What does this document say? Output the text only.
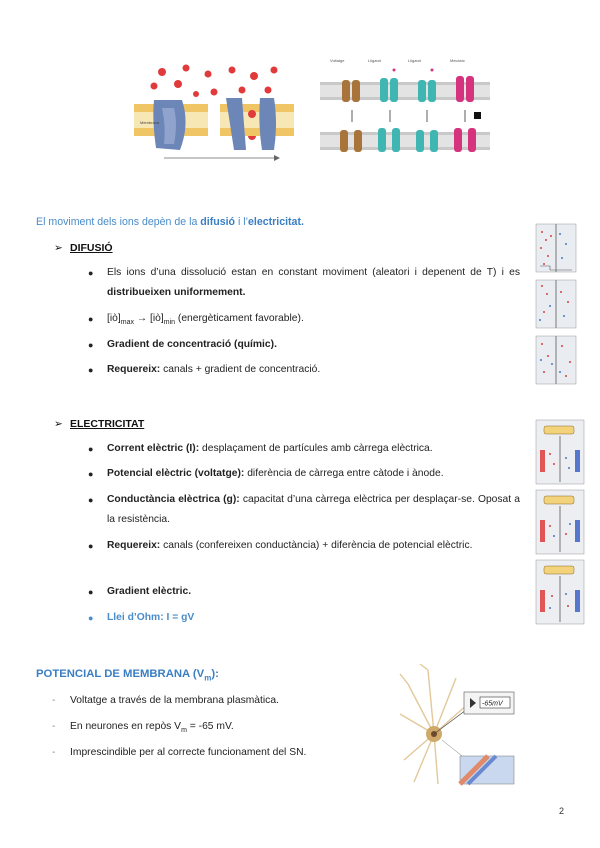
Membrana
Voltatge	Lligand	Lligand	Mecànic

El moviment dels ions depèn de la difusió i l’electricitat.

➢ DIFUSIÓ
● Els ions d’una dissolució estan en constant moviment (aleatori i depenent de T) i es distribueixen uniformement.
● $[iò]_{max}$ → $[iò]_{min}$ (energèticament favorable).
● Gradient de concentració (químic).
● Requereix: canals + gradient de concentració.
➢ ELECTRICITAT
● Corrent elèctric (I): desplaçament de partícules amb càrrega elèctrica.
● Potencial elèctric (voltatge): diferència de càrrega entre càtode i ànode.
● Conductància elèctrica (g): capacitat d’una càrrega elèctrica per desplaçar-se. Oposat a la resistència.
● Requereix: canals (confereixen conductància) + diferència de potencial elèctric.
● Gradient elèctric.
● Llei d’Ohm: I = gV
POTENCIAL DE MEMBRANA $(V_m)$:
- Voltatge a través de la membrana plasmàtica.
- En neurones en repòs $V_m = -65$ mV.
- Imprescindible per al correcte funcionament del SN.
-65mV
2
